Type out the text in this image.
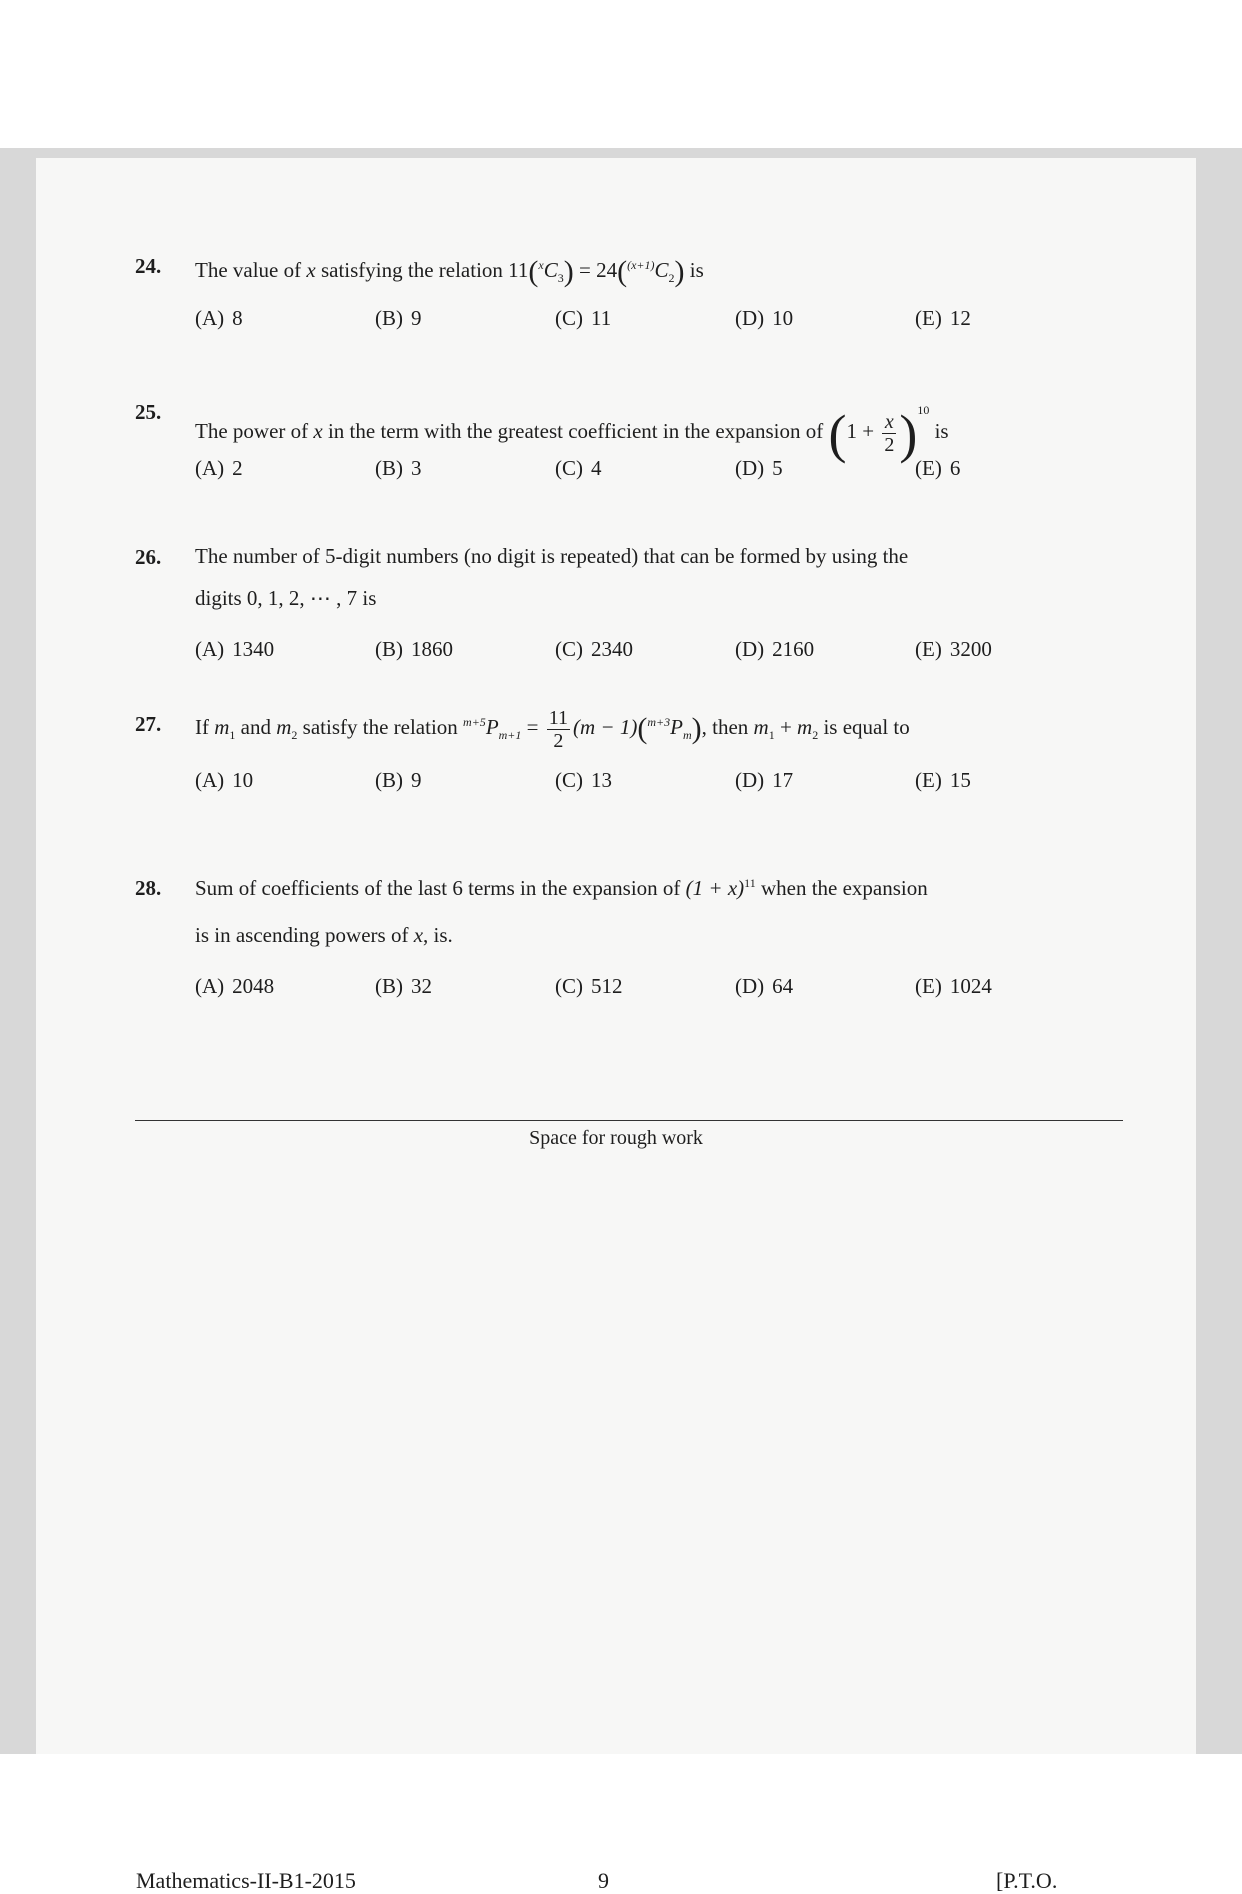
24. The value of x satisfying the relation $11(^xC_3) = 24(^{(x+1)}C_2)$ is
(A) 8	(B) 9	(C) 11	(D) 10	(E) 12
25.
The power of x in the term with the greatest coefficient in the expansion of $(1 + \frac{x}{2} )^{10}$ is
(A) 2	(B) 3	(C) 4	(D) 5	(E) 6
26. The number of 5-digit numbers (no digit is repeated) that can be formed by using the
digits 0, 1, 2, ⋯ , 7 is
(A) 1340	(B) 1860	(C) 2340	(D) 2160	(E) 3200
27. If $m_1$ and $m_2$ satisfy the relation $^{m+5}P_{m+1} = \frac{11}{2} (m - 1)(^{m+3}P_m)$, then $m_1 + m_2$ is equal to
(A) 10	(B) 9	(C) 13	(D) 17	(E) 15
28. Sum of coefficients of the last 6 terms in the expansion of $(1 + x)^{11}$ when the expansion
is in ascending powers of x, is.
(A) 2048	(B) 32	(C) 512	(D) 64	(E) 1024
Space for rough work
Mathematics-II-B1-2015	9	[P.T.O.
